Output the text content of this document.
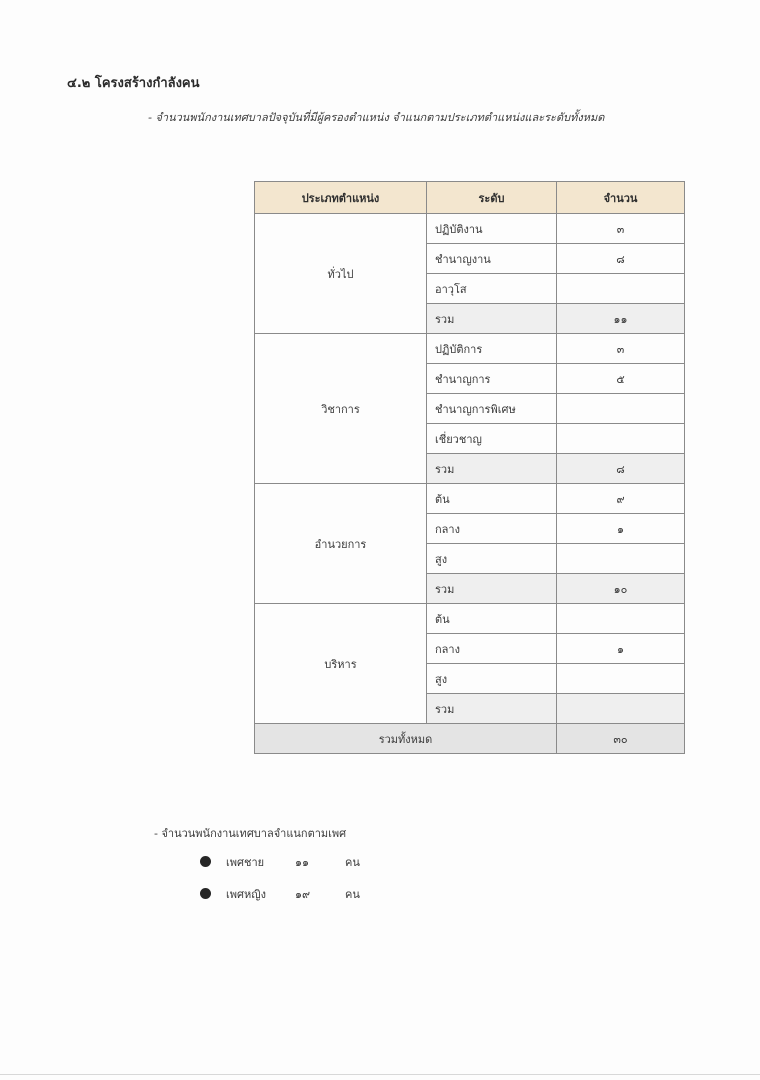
๔.๒ โครงสร้างกำลังคน
- จำนวนพนักงานเทศบาลปัจจุบันที่มีผู้ครองตำแหน่ง จำแนกตามประเภทตำแหน่งและระดับทั้งหมด
ประเภทตำแหน่ง	ระดับ	จำนวน
ทั่วไป	ปฏิบัติงาน	๓
	ชำนาญงาน	๘
	อาวุโส	
	รวม	๑๑
วิชาการ	ปฏิบัติการ	๓
	ชำนาญการ	๕
	ชำนาญการพิเศษ	
	เชี่ยวชาญ	
	รวม	๘
อำนวยการ	ต้น	๙
	กลาง	๑
	สูง	
	รวม	๑๐
บริหาร	ต้น	
	กลาง	๑
	สูง	
	รวม	
รวมทั้งหมด		๓๐
- จำนวนพนักงานเทศบาลจำแนกตามเพศ
เพศชาย	๑๑	คน
เพศหญิง	๑๙	คน
